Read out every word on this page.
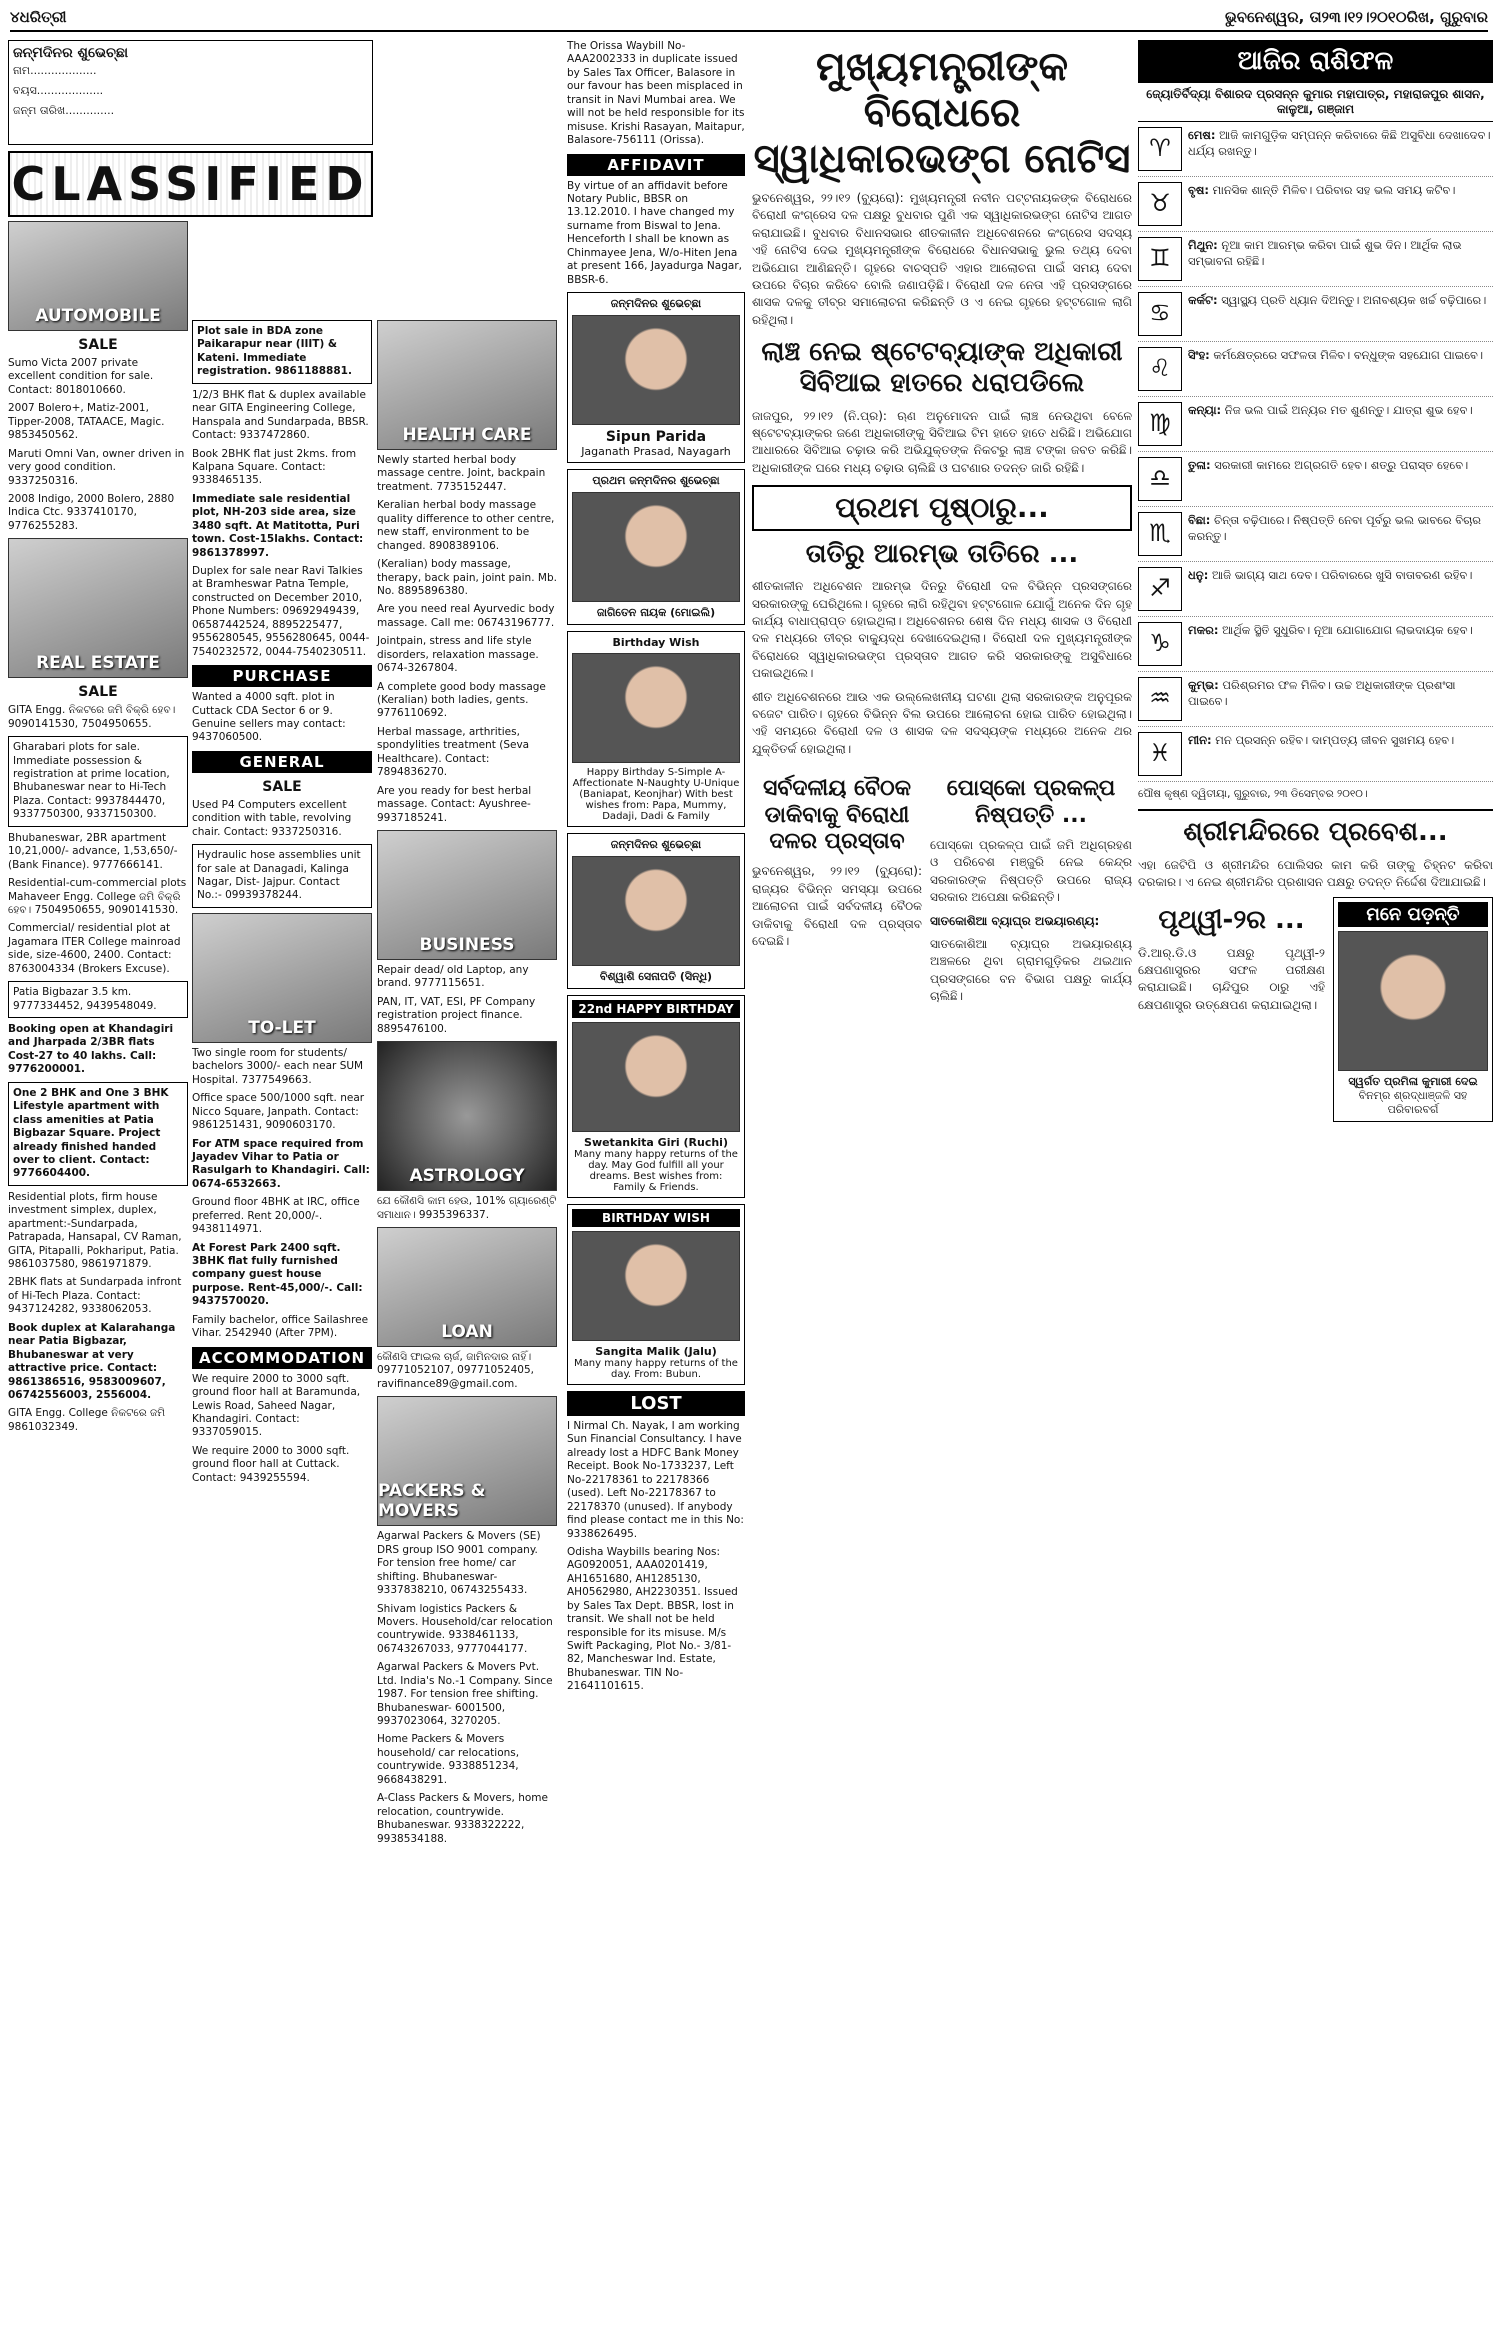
୪ଧରିତ୍ରୀ	ଭୁବନେଶ୍ୱର, ତା୨୩।୧୨।୨୦୧୦ରିଖ, ଗୁରୁବାର
ଜନ୍ମଦିନର ଶୁଭେଚ୍ଛା
ନାମ...................
ବୟସ...................
ଜନ୍ମ ତାରିଖ..............
CLASSIFIED
AUTOMOBILE
SALE
Sumo Victa 2007 private excellent condition for sale. Contact: 8018010660.
2007 Bolero+, Matiz-2001, Tipper-2008, TATAACE, Magic. 9853450562.
Maruti Omni Van, owner driven in very good condition. 9337250316.
2008 Indigo, 2000 Bolero, 2880 Indica Ctc. 9337410170, 9776255283.
REAL ESTATE
SALE
GITA Engg. ନିକଟରେ ଜମି ବିକ୍ରି ହେବ। 9090141530, 7504950655.
Gharabari plots for sale. Immediate possession & registration at prime location, Bhubaneswar near to Hi-Tech Plaza. Contact: 9937844470, 9337750300, 9337150300.
Bhubaneswar, 2BR apartment 10,21,000/- advance, 1,53,650/- (Bank Finance). 9777666141.
Residential-cum-commercial plots Mahaveer Engg. College ଜମି ବିକ୍ରି ହେବ। 7504950655, 9090141530.
Commercial/ residential plot at Jagamara ITER College mainroad side, size-4600, 2400. Contact: 8763004334 (Brokers Excuse).
Patia Bigbazar 3.5 km. 9777334452, 9439548049.
Booking open at Khandagiri and Jharpada 2/3BR flats Cost-27 to 40 lakhs. Call: 9776200001.
One 2 BHK and One 3 BHK Lifestyle apartment with class amenities at Patia Bigbazar Square. Project already finished handed over to client. Contact: 9776604400.
Residential plots, firm house investment simplex, duplex, apartment:-Sundarpada, Patrapada, Hansapal, CV Raman, GITA, Pitapalli, Pokhariput, Patia. 9861037580, 9861971879.
2BHK flats at Sundarpada infront of Hi-Tech Plaza. Contact: 9437124282, 9338062053.
Book duplex at Kalarahanga near Patia Bigbazar, Bhubaneswar at very attractive price. Contact: 9861386516, 9583009607, 06742556003, 2556004.
GITA Engg. College ନିକଟରେ ଜମି 9861032349.
Plot sale in BDA zone Paikarapur near (IIIT) & Kateni. Immediate registration. 9861188881.
1/2/3 BHK flat & duplex available near GITA Engineering College, Hanspala and Sundarpada, BBSR. Contact: 9337472860.
Book 2BHK flat just 2kms. from Kalpana Square. Contact: 9338465135.
Immediate sale residential plot, NH-203 side area, size 3480 sqft. At Matitotta, Puri town. Cost-15lakhs. Contact: 9861378997.
Duplex for sale near Ravi Talkies at Bramheswar Patna Temple, constructed on December 2010, Phone Numbers: 09692949439, 06587442524, 8895225477, 9556280545, 9556280645, 0044-7540232572, 0044-7540230511.
PURCHASE
Wanted a 4000 sqft. plot in Cuttack CDA Sector 6 or 9. Genuine sellers may contact: 9437060500.
GENERAL
SALE
Used P4 Computers excellent condition with table, revolving chair. Contact: 9337250316.
Hydraulic hose assemblies unit for sale at Danagadi, Kalinga Nagar, Dist- Jajpur. Contact No.:- 09939378244.
TO-LET
Two single room for students/ bachelors 3000/- each near SUM Hospital. 7377549663.
Office space 500/1000 sqft. near Nicco Square, Janpath. Contact: 9861251431, 9090603170.
For ATM space required from Jayadev Vihar to Patia or Rasulgarh to Khandagiri. Call: 0674-6532663.
Ground floor 4BHK at IRC, office preferred. Rent 20,000/-. 9438114971.
At Forest Park 2400 sqft. 3BHK flat fully furnished company guest house purpose. Rent-45,000/-. Call: 9437570020.
Family bachelor, office Sailashree Vihar. 2542940 (After 7PM).
ACCOMMODATION
We require 2000 to 3000 sqft. ground floor hall at Baramunda, Lewis Road, Saheed Nagar, Khandagiri. Contact: 9337059015.
We require 2000 to 3000 sqft. ground floor hall at Cuttack. Contact: 9439255594.
HEALTH CARE
Newly started herbal body massage centre. Joint, backpain treatment. 7735152447.
Keralian herbal body massage quality difference to other centre, new staff, environment to be changed. 8908389106.
(Keralian) body massage, therapy, back pain, joint pain. Mb. No. 8895896380.
Are you need real Ayurvedic body massage. Call me: 06743196777.
Jointpain, stress and life style disorders, relaxation massage. 0674-3267804.
A complete good body massage (Keralian) both ladies, gents. 9776110692.
Herbal massage, arthrities, spondylities treatment (Seva Healthcare). Contact: 7894836270.
Are you ready for best herbal massage. Contact: Ayushree-9937185241.
BUSINESS
Repair dead/ old Laptop, any brand. 9777115651.
PAN, IT, VAT, ESI, PF Company registration project finance. 8895476100.
ASTROLOGY
ଯେ କୌଣସି କାମ ହେଉ, 101% ଗ୍ୟାରେଣ୍ଟି ସମାଧାନ। 9935396337.
LOAN
କୌଣସି ଫାଇଲ ଚାର୍ଜ, ଜାମିନଦାର ନାହିଁ। 09771052107, 09771052405, ravifinance89@gmail.com.
PACKERS & MOVERS
Agarwal Packers & Movers (SE) DRS group ISO 9001 company. For tension free home/ car shifting. Bhubaneswar- 9337838210, 06743255433.
Shivam logistics Packers & Movers. Household/car relocation countrywide. 9338461133, 06743267033, 9777044177.
Agarwal Packers & Movers Pvt. Ltd. India's No.-1 Company. Since 1987. For tension free shifting. Bhubaneswar- 6001500, 9937023064, 3270205.
Home Packers & Movers household/ car relocations, countrywide. 9338851234, 9668438291.
A-Class Packers & Movers, home relocation, countrywide. Bhubaneswar. 9338322222, 9938534188.
The Orissa Waybill No-AAA2002333 in duplicate issued by Sales Tax Officer, Balasore in our favour has been misplaced in transit in Navi Mumbai area. We will not be held responsible for its misuse. Krishi Rasayan, Maitapur, Balasore-756111 (Orissa).
AFFIDAVIT
By virtue of an affidavit before Notary Public, BBSR on 13.12.2010. I have changed my surname from Biswal to Jena. Henceforth I shall be known as Chinmayee Jena, W/o-Hiten Jena at present 166, Jayadurga Nagar, BBSR-6.
ଜନ୍ମଦିନର ଶୁଭେଚ୍ଛା
Sipun Parida
Jaganath Prasad, Nayagarh
ପ୍ରଥମ ଜନ୍ମଦିନର ଶୁଭେଚ୍ଛା
ଜାଗିତେନ ନାୟକ (ମୋଇଲି)
Birthday Wish
Happy Birthday S-Simple A-Affectionate N-Naughty U-Unique (Baniapat, Keonjhar) With best wishes from: Papa, Mummy, Dadaji, Dadi & Family
ଜନ୍ମଦିନର ଶୁଭେଚ୍ଛା
ବିଶ୍ୱାଶି ସେନାପତି (ସିନ୍ଧି)
22nd HAPPY BIRTHDAY
Swetankita Giri (Ruchi)
Many many happy returns of the day. May God fulfill all your dreams. Best wishes from: Family & Friends.
BIRTHDAY WISH
Sangita Malik (Jalu)
Many many happy returns of the day. From: Bubun.
LOST
I Nirmal Ch. Nayak, I am working Sun Financial Consultancy. I have already lost a HDFC Bank Money Receipt. Book No-1733237, Left No-22178361 to 22178366 (used). Left No-22178367 to 22178370 (unused). If anybody find please contact me in this No: 9338626495.
Odisha Waybills bearing Nos: AG0920051, AAA0201419, AH1651680, AH1285130, AH0562980, AH2230351. Issued by Sales Tax Dept. BBSR, lost in transit. We shall not be held responsible for its misuse. M/s Swift Packaging, Plot No.- 3/81-82, Mancheswar Ind. Estate, Bhubaneswar. TIN No-21641101615.
ମୁଖ୍ୟମନ୍ତ୍ରୀଙ୍କ ବିରୋଧରେ ସ୍ୱାଧିକାରଭଙ୍ଗ ନୋଟିସ
ଭୁବନେଶ୍ୱର, ୨୨।୧୨ (ବ୍ୟୁରୋ): ମୁଖ୍ୟମନ୍ତ୍ରୀ ନବୀନ ପଟ୍ଟନାୟକଙ୍କ ବିରୋଧରେ ବିରୋଧୀ କଂଗ୍ରେସ ଦଳ ପକ୍ଷରୁ ବୁଧବାର ପୁଣି ଏକ ସ୍ୱାଧିକାରଭଙ୍ଗ ନୋଟିସ ଆଗତ କରାଯାଇଛି। ବୁଧବାର ବିଧାନସଭାର ଶୀତକାଳୀନ ଅଧିବେଶନରେ କଂଗ୍ରେସ ସଦସ୍ୟ ଏହି ନୋଟିସ ଦେଇ ମୁଖ୍ୟମନ୍ତ୍ରୀଙ୍କ ବିରୋଧରେ ବିଧାନସଭାକୁ ଭୁଲ ତଥ୍ୟ ଦେବା ଅଭିଯୋଗ ଆଣିଛନ୍ତି। ଗୃହରେ ବାଚସ୍ପତି ଏହାର ଆଲୋଚନା ପାଇଁ ସମୟ ଦେବା ଉପରେ ବିଚାର କରିବେ ବୋଲି ଜଣାପଡ଼ିଛି। ବିରୋଧୀ ଦଳ ନେତା ଏହି ପ୍ରସଙ୍ଗରେ ଶାସକ ଦଳକୁ ତୀବ୍ର ସମାଲୋଚନା କରିଛନ୍ତି ଓ ଏ ନେଇ ଗୃହରେ ହଟ୍ଟଗୋଳ ଲାଗି ରହିଥିଲା।
ଲାଞ୍ଚ ନେଇ ଷ୍ଟେଟବ୍ୟାଙ୍କ ଅଧିକାରୀ ସିବିଆଇ ହାତରେ ଧରାପଡିଲେ
ଜାଜପୁର, ୨୨।୧୨ (ନି.ପ୍ର): ଋଣ ଅନୁମୋଦନ ପାଇଁ ଲାଞ୍ଚ ନେଉଥିବା ବେଳେ ଷ୍ଟେଟବ୍ୟାଙ୍କର ଜଣେ ଅଧିକାରୀଙ୍କୁ ସିବିଆଇ ଟିମ ହାତେ ହାତେ ଧରିଛି। ଅଭିଯୋଗ ଆଧାରରେ ସିବିଆଇ ଚଢ଼ାଉ କରି ଅଭିଯୁକ୍ତଙ୍କ ନିକଟରୁ ଲାଞ୍ଚ ଟଙ୍କା ଜବତ କରିଛି। ଅଧିକାରୀଙ୍କ ଘରେ ମଧ୍ୟ ଚଢ଼ାଉ ଚାଲିଛି ଓ ଘଟଣାର ତଦନ୍ତ ଜାରି ରହିଛି।
ପ୍ରଥମ ପୃଷ୍ଠାରୁ...
ତାତିରୁ ଆରମ୍ଭ ତାତିରେ ...
ଶୀତକାଳୀନ ଅଧିବେଶନ ଆରମ୍ଭ ଦିନରୁ ବିରୋଧୀ ଦଳ ବିଭିନ୍ନ ପ୍ରସଙ୍ଗରେ ସରକାରଙ୍କୁ ଘେରିଥିଲେ। ଗୃହରେ ଲାଗି ରହିଥିବା ହଟ୍ଟଗୋଳ ଯୋଗୁଁ ଅନେକ ଦିନ ଗୃହ କାର୍ଯ୍ୟ ବାଧାପ୍ରାପ୍ତ ହୋଇଥିଲା। ଅଧିବେଶନର ଶେଷ ଦିନ ମଧ୍ୟ ଶାସକ ଓ ବିରୋଧୀ ଦଳ ମଧ୍ୟରେ ତୀବ୍ର ବାକ୍ୟୁଦ୍ଧ ଦେଖାଦେଇଥିଲା। ବିରୋଧୀ ଦଳ ମୁଖ୍ୟମନ୍ତ୍ରୀଙ୍କ ବିରୋଧରେ ସ୍ୱାଧିକାରଭଙ୍ଗ ପ୍ରସ୍ତାବ ଆଗତ କରି ସରକାରଙ୍କୁ ଅସୁବିଧାରେ ପକାଇଥିଲେ।
ଶୀତ ଅଧିବେଶନରେ ଆଉ ଏକ ଉଲ୍ଲେଖନୀୟ ଘଟଣା ଥିଲା ସରକାରଙ୍କ ଅନୁପୂରକ ବଜେଟ ପାରିତ। ଗୃହରେ ବିଭିନ୍ନ ବିଲ ଉପରେ ଆଲୋଚନା ହୋଇ ପାରିତ ହୋଇଥିଲା। ଏହି ସମୟରେ ବିରୋଧୀ ଦଳ ଓ ଶାସକ ଦଳ ସଦସ୍ୟଙ୍କ ମଧ୍ୟରେ ଅନେକ ଥର ଯୁକ୍ତିତର୍କ ହୋଇଥିଲା।
ସର୍ବଦଳୀୟ ବୈଠକ ଡାକିବାକୁ ବିରୋଧୀ ଦଳର ପ୍ରସ୍ତାବ
ଭୁବନେଶ୍ୱର, ୨୨।୧୨ (ବ୍ୟୁରୋ): ରାଜ୍ୟର ବିଭିନ୍ନ ସମସ୍ୟା ଉପରେ ଆଲୋଚନା ପାଇଁ ସର୍ବଦଳୀୟ ବୈଠକ ଡାକିବାକୁ ବିରୋଧୀ ଦଳ ପ୍ରସ୍ତାବ ଦେଇଛି।
ପୋସ୍କୋ ପ୍ରକଳ୍ପ ନିଷ୍ପତ୍ତି ...
ପୋସ୍କୋ ପ୍ରକଳ୍ପ ପାଇଁ ଜମି ଅଧିଗ୍ରହଣ ଓ ପରିବେଶ ମଞ୍ଜୁରି ନେଇ କେନ୍ଦ୍ର ସରକାରଙ୍କ ନିଷ୍ପତ୍ତି ଉପରେ ରାଜ୍ୟ ସରକାର ଅପେକ୍ଷା କରିଛନ୍ତି।
ସାତକୋଶିଆ ବ୍ୟାଘ୍ର ଅଭୟାରଣ୍ୟ:
ସାତକୋଶିଆ ବ୍ୟାଘ୍ର ଅଭୟାରଣ୍ୟ ଅଞ୍ଚଳରେ ଥିବା ଗ୍ରାମଗୁଡ଼ିକର ଥଇଥାନ ପ୍ରସଙ୍ଗରେ ବନ ବିଭାଗ ପକ୍ଷରୁ କାର୍ଯ୍ୟ ଚାଲିଛି।
ଆଜିର ରାଶିଫଳ
ଜ୍ୟୋତିର୍ବିଦ୍ୟା ବିଶାରଦ ପ୍ରସନ୍ନ କୁମାର ମହାପାତ୍ର, ମହାରାଜପୁର ଶାସନ, କାଳୁଆ, ଗଞ୍ଜାମ
♈	ମେଷ: ଆଜି କାମଗୁଡ଼ିକ ସମ୍ପନ୍ନ କରିବାରେ କିଛି ଅସୁବିଧା ଦେଖାଦେବ। ଧର୍ଯ୍ୟ ରଖନ୍ତୁ।
♉	ବୃଷ: ମାନସିକ ଶାନ୍ତି ମିଳିବ। ପରିବାର ସହ ଭଲ ସମୟ କଟିବ।
♊	ମିଥୁନ: ନୂଆ କାମ ଆରମ୍ଭ କରିବା ପାଇଁ ଶୁଭ ଦିନ। ଆର୍ଥିକ ଲାଭ ସମ୍ଭାବନା ରହିଛି।
♋	କର୍କଟ: ସ୍ୱାସ୍ଥ୍ୟ ପ୍ରତି ଧ୍ୟାନ ଦିଅନ୍ତୁ। ଅନାବଶ୍ୟକ ଖର୍ଚ୍ଚ ବଢ଼ିପାରେ।
♌	ସିଂହ: କର୍ମକ୍ଷେତ୍ରରେ ସଫଳତା ମିଳିବ। ବନ୍ଧୁଙ୍କ ସହଯୋଗ ପାଇବେ।
♍	କନ୍ୟା: ନିଜ ଭଲ ପାଇଁ ଅନ୍ୟର ମତ ଶୁଣନ୍ତୁ। ଯାତ୍ରା ଶୁଭ ହେବ।
♎	ତୁଳା: ସରକାରୀ କାମରେ ଅଗ୍ରଗତି ହେବ। ଶତ୍ରୁ ପରାସ୍ତ ହେବେ।
♏	ବିଛା: ଚିନ୍ତା ବଢ଼ିପାରେ। ନିଷ୍ପତ୍ତି ନେବା ପୂର୍ବରୁ ଭଲ ଭାବରେ ବିଚାର କରନ୍ତୁ।
♐	ଧନୁ: ଆଜି ଭାଗ୍ୟ ସାଥ ଦେବ। ପରିବାରରେ ଖୁସି ବାତାବରଣ ରହିବ।
♑	ମକର: ଆର୍ଥିକ ସ୍ଥିତି ସୁଧୁରିବ। ନୂଆ ଯୋଗାଯୋଗ ଲାଭଦାୟକ ହେବ।
♒	କୁମ୍ଭ: ପରିଶ୍ରମର ଫଳ ମିଳିବ। ଉଚ୍ଚ ଅଧିକାରୀଙ୍କ ପ୍ରଶଂସା ପାଇବେ।
♓	ମୀନ: ମନ ପ୍ରସନ୍ନ ରହିବ। ଦାମ୍ପତ୍ୟ ଜୀବନ ସୁଖମୟ ହେବ।
ପୌଷ କୃଷ୍ଣ ଦ୍ୱିତୀୟା, ଗୁରୁବାର, ୨୩ ଡିସେମ୍ବର ୨୦୧୦।
ଶ୍ରୀମନ୍ଦିରରେ ପ୍ରବେଶ...
ଏହା ଜେଟିପି ଓ ଶ୍ରୀମନ୍ଦିର ପୋଲିସର କାମ କରି ତାଙ୍କୁ ଚିହ୍ନଟ କରିବା ଦରକାର। ଏ ନେଇ ଶ୍ରୀମନ୍ଦିର ପ୍ରଶାସନ ପକ୍ଷରୁ ତଦନ୍ତ ନିର୍ଦ୍ଦେଶ ଦିଆଯାଇଛି।
ପୃଥ୍ୱୀ-୨ର ...
ଡି.ଆର୍.ଡି.ଓ ପକ୍ଷରୁ ପୃଥ୍ୱୀ-୨ କ୍ଷେପଣାସ୍ତ୍ରର ସଫଳ ପରୀକ୍ଷଣ କରାଯାଇଛି। ଚାନ୍ଦିପୁର ଠାରୁ ଏହି କ୍ଷେପଣାସ୍ତ୍ର ଉତ୍କ୍ଷେପଣ କରାଯାଇଥିଲା।
ମନେ ପଡ଼ନ୍ତି
ସ୍ୱର୍ଗତ ପ୍ରମିଳା କୁମାରୀ ଦେଇ
ବିନମ୍ର ଶ୍ରଦ୍ଧାଞ୍ଜଳି ସହ ପରିବାରବର୍ଗ
